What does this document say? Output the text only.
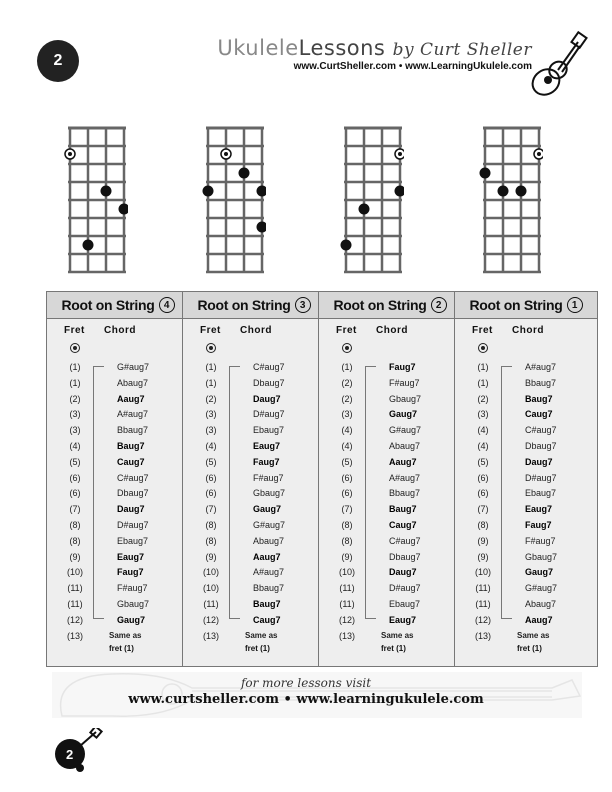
2
UkuleleLessons by Curt Sheller
www.CurtSheller.com • www.LearningUkulele.com
Root on String 4
Fret Chord
(1)	G#aug7
(1)	Abaug7
(2)	Aaug7
(3)	A#aug7
(3)	Bbaug7
(4)	Baug7
(5)	Caug7
(6)	C#aug7
(6)	Dbaug7
(7)	Daug7
(8)	D#aug7
(8)	Ebaug7
(9)	Eaug7
(10)	Faug7
(11)	F#aug7
(11)	Gbaug7
(12)	Gaug7
(13)	Same as
fret (1)
Root on String 3
Fret Chord
(1)	C#aug7
(1)	Dbaug7
(2)	Daug7
(3)	D#aug7
(3)	Ebaug7
(4)	Eaug7
(5)	Faug7
(6)	F#aug7
(6)	Gbaug7
(7)	Gaug7
(8)	G#aug7
(8)	Abaug7
(9)	Aaug7
(10)	A#aug7
(10)	Bbaug7
(11)	Baug7
(12)	Caug7
(13)	Same as
fret (1)
Root on String 2
Fret Chord
(1)	Faug7
(2)	F#aug7
(2)	Gbaug7
(3)	Gaug7
(4)	G#aug7
(4)	Abaug7
(5)	Aaug7
(6)	A#aug7
(6)	Bbaug7
(7)	Baug7
(8)	Caug7
(8)	C#aug7
(9)	Dbaug7
(10)	Daug7
(11)	D#aug7
(11)	Ebaug7
(12)	Eaug7
(13)	Same as
fret (1)
Root on String 1
Fret Chord
(1)	A#aug7
(1)	Bbaug7
(2)	Baug7
(3)	Caug7
(4)	C#aug7
(4)	Dbaug7
(5)	Daug7
(6)	D#aug7
(6)	Ebaug7
(7)	Eaug7
(8)	Faug7
(9)	F#aug7
(9)	Gbaug7
(10)	Gaug7
(11)	G#aug7
(11)	Abaug7
(12)	Aaug7
(13)	Same as
fret (1)
for more lessons visit
www.curtsheller.com • www.learningukulele.com
2
